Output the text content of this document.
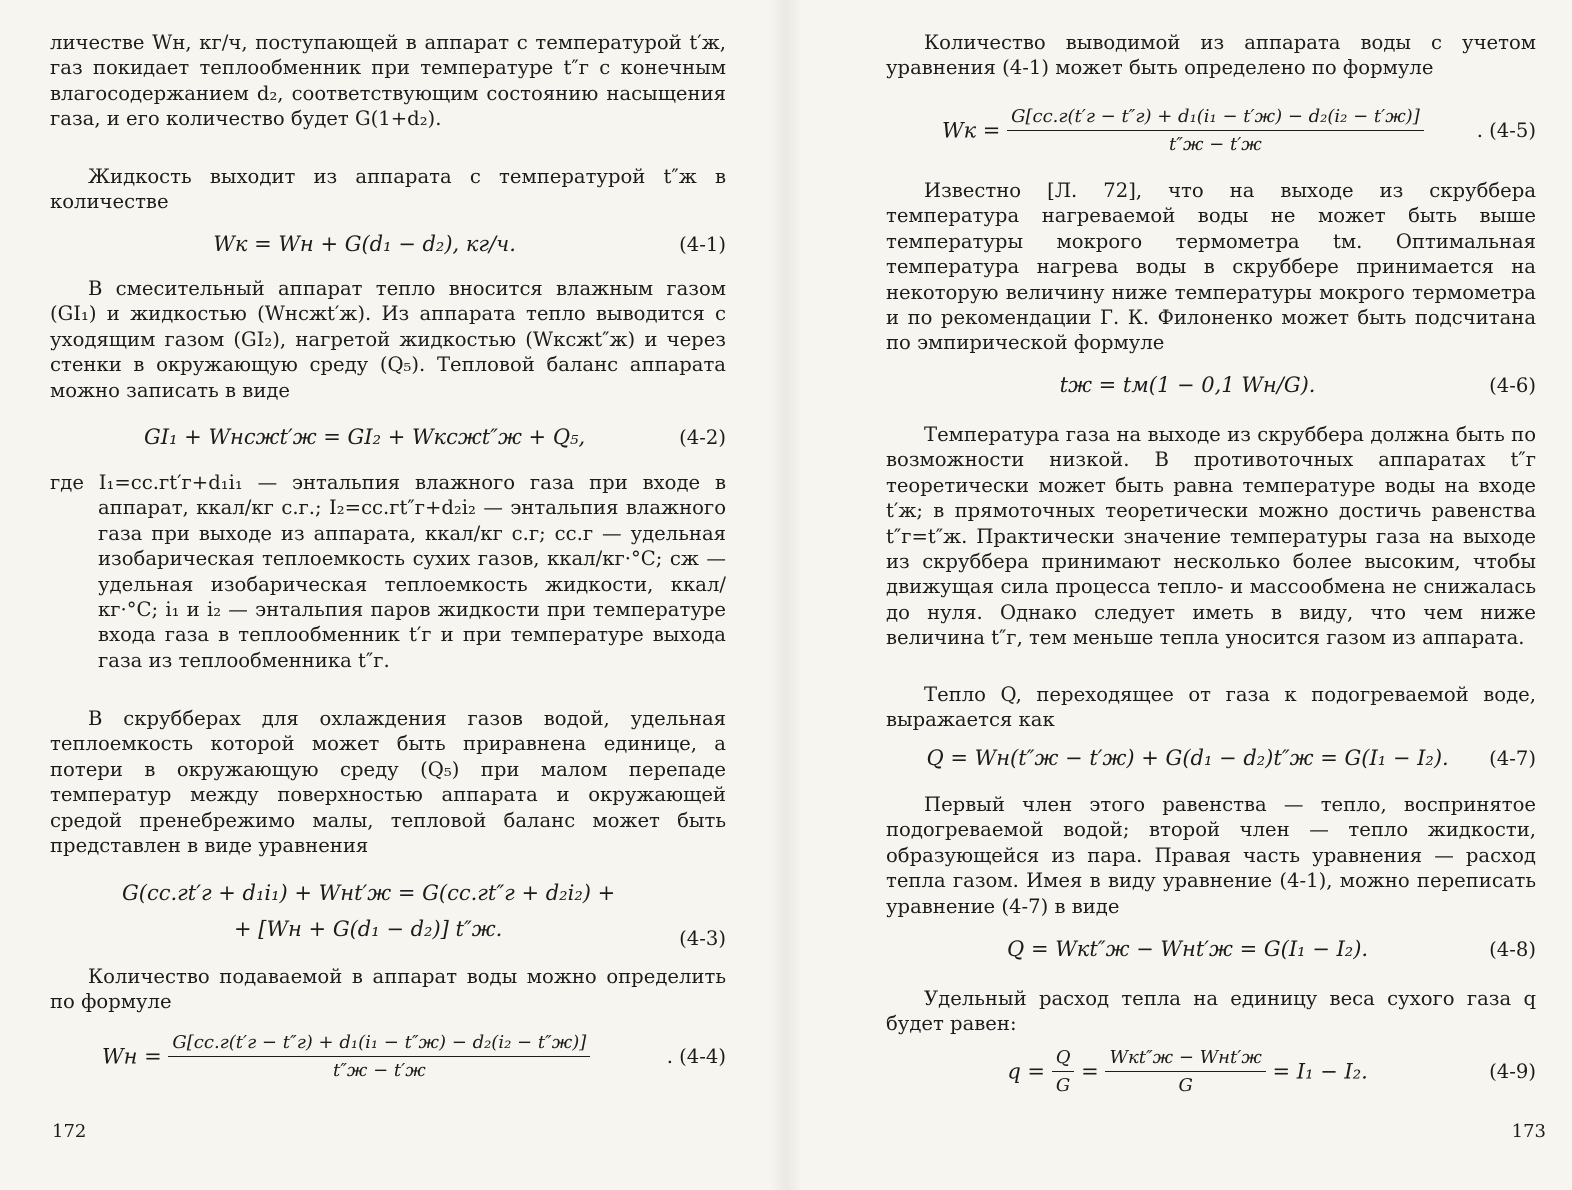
личестве Wн, кг/ч, поступающей в аппарат с температурой t′ж, газ покидает теплообменник при температуре t″г с конечным влагосодержанием d₂, соответствующим состоянию насыщения газа, и его количество будет G(1+d₂).

Жидкость выходит из аппарата с температурой t″ж в количестве

Wк = Wн + G(d₁ − d₂), кг/ч.	(4-1)

В смесительный аппарат тепло вносится влажным газом (GI₁) и жидкостью (Wнcжt′ж). Из аппарата тепло выводится с уходящим газом (GI₂), нагретой жидкостью (Wкcжt″ж) и через стенки в окружающую среду (Q₅). Тепловой баланс аппарата можно записать в виде

GI₁ + Wнcжt′ж = GI₂ + Wкcжt″ж + Q₅,	(4-2)

где I₁=cс.гt′г+d₁i₁ — энтальпия влажного газа при входе в аппарат, ккал/кг с.г.; I₂=cс.гt″г+d₂i₂ — энтальпия влажного газа при выходе из аппарата, ккал/кг с.г; cс.г — удельная изобарическая теплоемкость сухих газов, ккал/кг·°С; cж — удельная изобарическая теплоемкость жидкости, ккал/кг·°С; i₁ и i₂ — энтальпия паров жидкости при температуре входа газа в теплообменник t′г и при температуре выхода газа из теплообменника t″г.

В скрубберах для охлаждения газов водой, удельная теплоемкость которой может быть приравнена единице, а потери в окружающую среду (Q₅) при малом перепаде температур между поверхностью аппарата и окружающей средой пренебрежимо малы, тепловой баланс может быть представлен в виде уравнения

G(cс.гt′г + d₁i₁) + Wнt′ж = G(cс.гt″г + d₂i₂) +
+ [Wн + G(d₁ − d₂)] t″ж.	(4-3)

Количество подаваемой в аппарат воды можно определить по формуле

Wн = $\frac{\text{G[cс.г(t′г − t″г) + d₁(i₁ − t″ж) − d₂(i₂ − t″ж)]}}{t''ж - t'ж}$	. (4-4)
172

Количество выводимой из аппарата воды с учетом уравнения (4-1) может быть определено по формуле

Wк = $\frac{\text{G[cс.г(t′г − t″г) + d₁(i₁ − t′ж) − d₂(i₂ − t′ж)]}}{t''ж - t'ж}$	. (4-5)

Известно [Л. 72], что на выходе из скруббера температура нагреваемой воды не может быть выше температуры мокрого термометра tм. Оптимальная температура нагрева воды в скруббере принимается на некоторую величину ниже температуры мокрого термометра и по рекомендации Г. К. Филоненко может быть подсчитана по эмпирической формуле

tж = tм(1 − 0,1 Wн/G).	(4-6)

Температура газа на выходе из скруббера должна быть по возможности низкой. В противоточных аппаратах t″г теоретически может быть равна температуре воды на входе t′ж; в прямоточных теоретически можно достичь равенства t″г=t″ж. Практически значение температуры газа на выходе из скруббера принимают несколько более высоким, чтобы движущая сила процесса тепло- и массообмена не снижалась до нуля. Однако следует иметь в виду, что чем ниже величина t″г, тем меньше тепла уносится газом из аппарата.

Тепло Q, переходящее от газа к подогреваемой воде, выражается как

Q = Wн(t″ж − t′ж) + G(d₁ − d₂)t″ж = G(I₁ − I₂).	(4-7)

Первый член этого равенства — тепло, воспринятое подогреваемой водой; второй член — тепло жидкости, образующейся из пара. Правая часть уравнения — расход тепла газом. Имея в виду уравнение (4-1), можно переписать уравнение (4-7) в виде

Q = Wкt″ж − Wнt′ж = G(I₁ − I₂).	(4-8)

Удельный расход тепла на единицу веса сухого газа q будет равен:

$q = \frac{Q}{G} = \frac{\text{Wкt″ж − Wнt′ж}}{G} = I_1 - I_2$.	(4-9)
173
